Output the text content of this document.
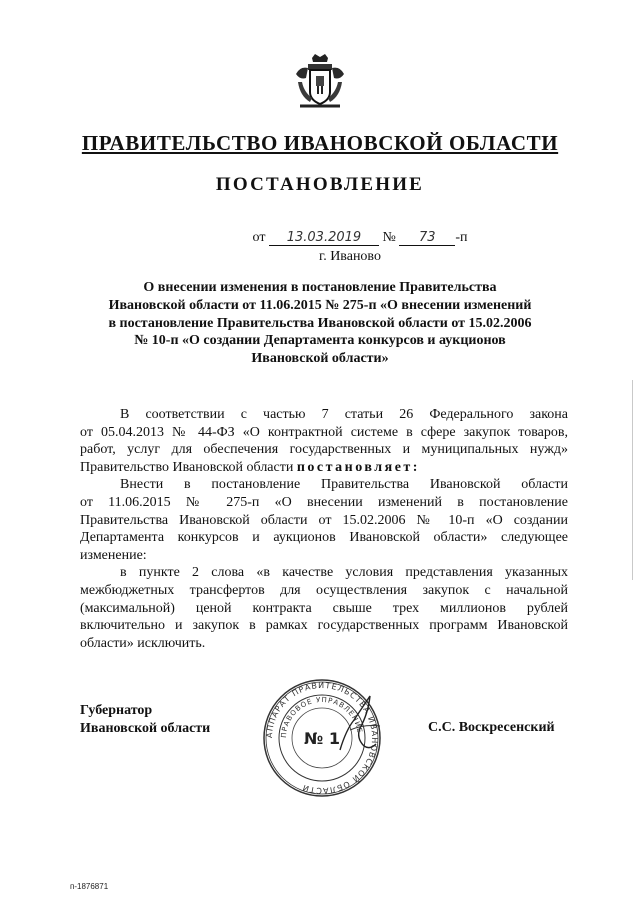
ПРАВИТЕЛЬСТВО ИВАНОВСКОЙ ОБЛАСТИ
ПОСТАНОВЛЕНИЕ
от 13.03.2019 № 73 -п
г. Иваново
О внесении изменения в постановление Правительства
Ивановской области от 11.06.2015 № 275-п «О внесении изменений
в постановление Правительства Ивановской области от 15.02.2006
№ 10-п «О создании Департамента конкурсов и аукционов
Ивановской области»
В соответствии с частью 7 статьи 26 Федерального закона
от 05.04.2013 № 44-ФЗ «О контрактной системе в сфере закупок товаров,
работ, услуг для обеспечения государственных и муниципальных нужд»
Правительство Ивановской области постановляет:
Внести в постановление Правительства Ивановской области
от 11.06.2015 № 275-п «О внесении изменений в постановление
Правительства Ивановской области от 15.02.2006 № 10-п «О создании
Департамента конкурсов и аукционов Ивановской области» следующее
изменение:
в пункте 2 слова «в качестве условия представления указанных
межбюджетных трансфертов для осуществления закупок с начальной
(максимальной) ценой контракта свыше трех миллионов рублей
включительно и закупок в рамках государственных программ Ивановской
области» исключить.
Губернатор
Ивановской области	АППАРАТ ПРАВИТЕЛЬСТВА ИВАНОВСКОЙ ОБЛАСТИ
ПРАВОВОЕ УПРАВЛЕНИЕ
№ 1
С.С. Воскресенский
п-1876871
